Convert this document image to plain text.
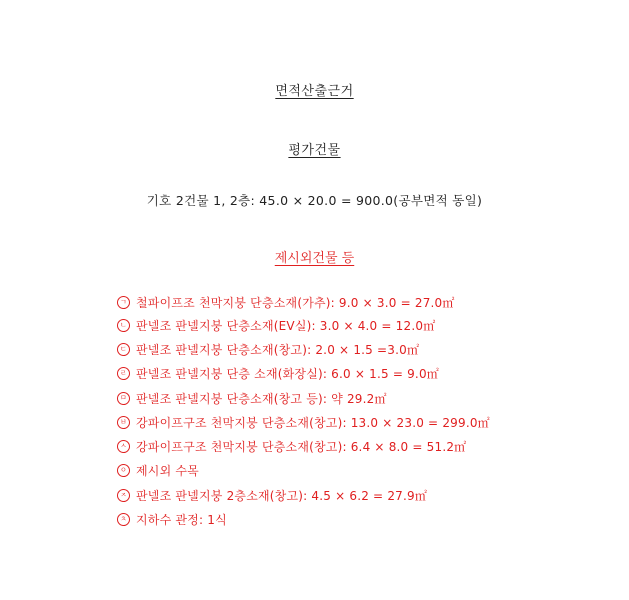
면적산출근거
평가건물
기호 2건물 1, 2층: 45.0 × 20.0 = 900.0(공부면적 동일)
제시외건물 등
ㄱ 철파이프조 천막지붕 단층소재(가추): 9.0 × 3.0 = 27.0㎡
ㄴ 판넬조 판넬지붕 단층소재(EV실): 3.0 × 4.0 = 12.0㎡
ㄷ 판넬조 판넬지붕 단층소재(창고): 2.0 × 1.5 =3.0㎡
ㄹ 판넬조 판넬지붕 단층 소재(화장실): 6.0 × 1.5 = 9.0㎡
ㅁ 판넬조 판넬지붕 단층소재(창고 등): 약 29.2㎡
ㅂ 강파이프구조 천막지붕 단층소재(창고): 13.0 × 23.0 = 299.0㎡
ㅅ 강파이프구조 천막지붕 단층소재(창고): 6.4 × 8.0 = 51.2㎡
ㅇ 제시외 수목
ㅈ 판넬조 판넬지붕 2층소재(창고): 4.5 × 6.2 = 27.9㎡
ㅊ 지하수 관정: 1식
